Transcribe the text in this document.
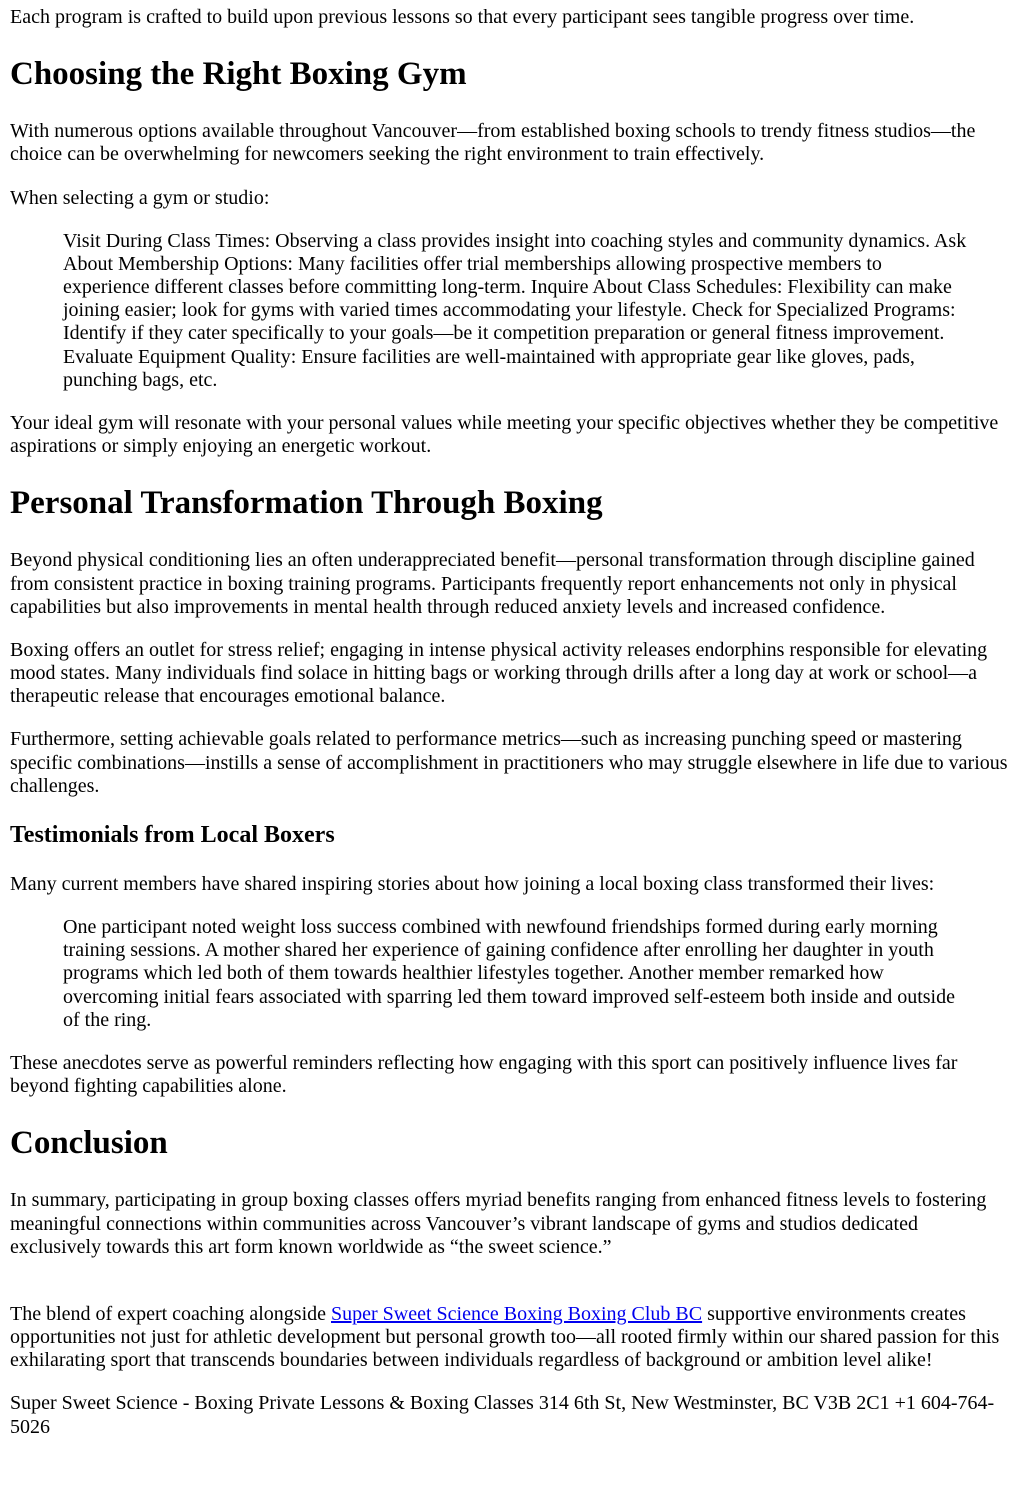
Each program is crafted to build upon previous lessons so that every participant sees tangible progress over time.

Choosing the Right Boxing Gym

With numerous options available throughout Vancouver—from established boxing schools to trendy fitness studios—the choice can be overwhelming for newcomers seeking the right environment to train effectively.

When selecting a gym or studio:

Visit During Class Times: Observing a class provides insight into coaching styles and community dynamics. Ask About Membership Options: Many facilities offer trial memberships allowing prospective members to experience different classes before committing long-term. Inquire About Class Schedules: Flexibility can make joining easier; look for gyms with varied times accommodating your lifestyle. Check for Specialized Programs: Identify if they cater specifically to your goals—be it competition preparation or general fitness improvement. Evaluate Equipment Quality: Ensure facilities are well-maintained with appropriate gear like gloves, pads, punching bags, etc.

Your ideal gym will resonate with your personal values while meeting your specific objectives whether they be competitive aspirations or simply enjoying an energetic workout.

Personal Transformation Through Boxing

Beyond physical conditioning lies an often underappreciated benefit—personal transformation through discipline gained from consistent practice in boxing training programs. Participants frequently report enhancements not only in physical capabilities but also improvements in mental health through reduced anxiety levels and increased confidence.

Boxing offers an outlet for stress relief; engaging in intense physical activity releases endorphins responsible for elevating mood states. Many individuals find solace in hitting bags or working through drills after a long day at work or school—a therapeutic release that encourages emotional balance.

Furthermore, setting achievable goals related to performance metrics—such as increasing punching speed or mastering specific combinations—instills a sense of accomplishment in practitioners who may struggle elsewhere in life due to various challenges.

Testimonials from Local Boxers

Many current members have shared inspiring stories about how joining a local boxing class transformed their lives:

One participant noted weight loss success combined with newfound friendships formed during early morning training sessions. A mother shared her experience of gaining confidence after enrolling her daughter in youth programs which led both of them towards healthier lifestyles together. Another member remarked how overcoming initial fears associated with sparring led them toward improved self-esteem both inside and outside of the ring.

These anecdotes serve as powerful reminders reflecting how engaging with this sport can positively influence lives far beyond fighting capabilities alone.

Conclusion

In summary, participating in group boxing classes offers myriad benefits ranging from enhanced fitness levels to fostering meaningful connections within communities across Vancouver’s vibrant landscape of gyms and studios dedicated exclusively towards this art form known worldwide as “the sweet science.”

The blend of expert coaching alongside Super Sweet Science Boxing Boxing Club BC supportive environments creates opportunities not just for athletic development but personal growth too—all rooted firmly within our shared passion for this exhilarating sport that transcends boundaries between individuals regardless of background or ambition level alike!

Super Sweet Science - Boxing Private Lessons & Boxing Classes 314 6th St, New Westminster, BC V3B 2C1 +1 604-764-5026
